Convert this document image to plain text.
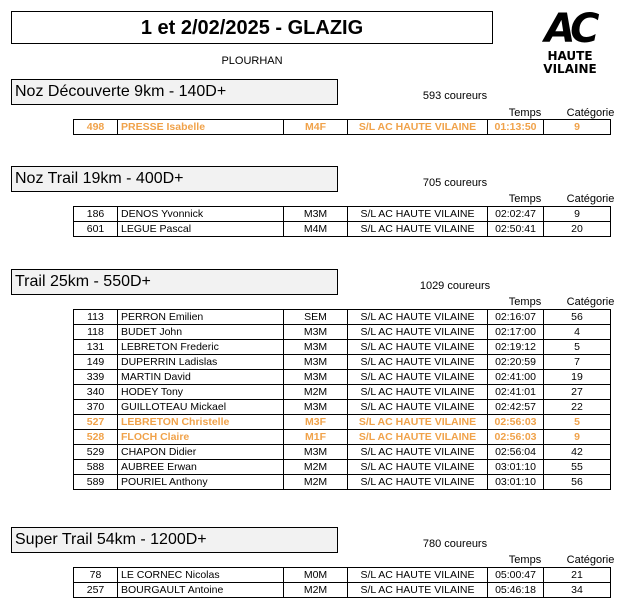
1 et 2/02/2025 - GLAZIG
PLOURHAN
AC
HAUTE
VILAINE
Noz Découverte 9km - 140D+	593 coureurs
Temps	Catégorie
498	PRESSE Isabelle	M4F	S/L AC HAUTE VILAINE	01:13:50	9
Noz Trail 19km - 400D+	705 coureurs
Temps	Catégorie
186	DENOS Yvonnick	M3M	S/L AC HAUTE VILAINE	02:02:47	9
601	LEGUE Pascal	M4M	S/L AC HAUTE VILAINE	02:50:41	20
Trail 25km - 550D+	1029 coureurs
Temps	Catégorie
113	PERRON Emilien	SEM	S/L AC HAUTE VILAINE	02:16:07	56
118	BUDET John	M3M	S/L AC HAUTE VILAINE	02:17:00	4
131	LEBRETON Frederic	M3M	S/L AC HAUTE VILAINE	02:19:12	5
149	DUPERRIN Ladislas	M3M	S/L AC HAUTE VILAINE	02:20:59	7
339	MARTIN David	M3M	S/L AC HAUTE VILAINE	02:41:00	19
340	HODEY Tony	M2M	S/L AC HAUTE VILAINE	02:41:01	27
370	GUILLOTEAU Mickael	M3M	S/L AC HAUTE VILAINE	02:42:57	22
527	LEBRETON Christelle	M3F	S/L AC HAUTE VILAINE	02:56:03	5
528	FLOCH Claire	M1F	S/L AC HAUTE VILAINE	02:56:03	9
529	CHAPON Didier	M3M	S/L AC HAUTE VILAINE	02:56:04	42
588	AUBREE Erwan	M2M	S/L AC HAUTE VILAINE	03:01:10	55
589	POURIEL Anthony	M2M	S/L AC HAUTE VILAINE	03:01:10	56
Super Trail 54km - 1200D+	780 coureurs
Temps	Catégorie
78	LE CORNEC Nicolas	M0M	S/L AC HAUTE VILAINE	05:00:47	21
257	BOURGAULT Antoine	M2M	S/L AC HAUTE VILAINE	05:46:18	34
